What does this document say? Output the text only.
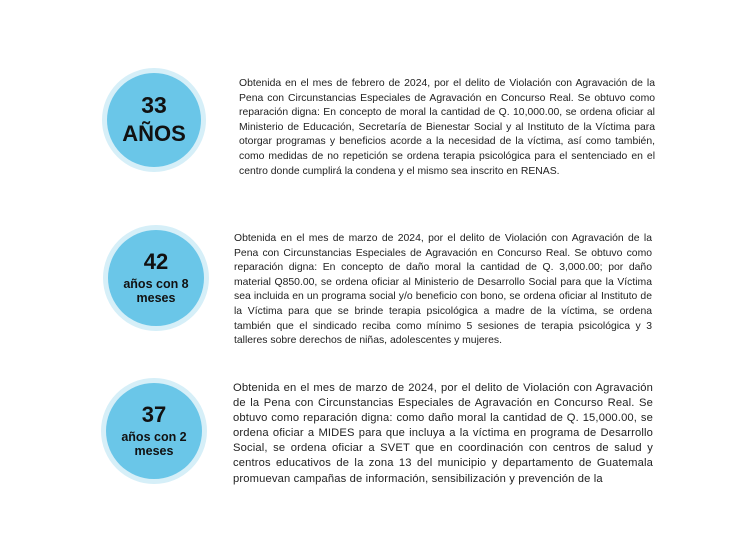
33
AÑOS

Obtenida en el mes de febrero de 2024, por el delito de Violación con Agravación de la Pena con Circunstancias Especiales de Agravación en Concurso Real. Se obtuvo como reparación digna: En concepto de moral la cantidad de Q. 10,000.00, se ordena oficiar al Ministerio de Educación, Secretaría de Bienestar Social y al Instituto de la Víctima para otorgar programas y beneficios acorde a la necesidad de la víctima, así como también, como medidas de no repetición se ordena terapia psicológica para el sentenciado en el centro donde cumplirá la condena y el mismo sea inscrito en RENAS.

42
años con 8 meses

Obtenida en el mes de marzo de 2024, por el delito de Violación con Agravación de la Pena con Circunstancias Especiales de Agravación en Concurso Real. Se obtuvo como reparación digna: En concepto de daño moral la cantidad de Q. 3,000.00; por daño material Q850.00, se ordena oficiar al Ministerio de Desarrollo Social para que la Víctima sea incluida en un programa social y/o beneficio con bono, se ordena oficiar al Instituto de la Víctima para que se brinde terapia psicológica a madre de la víctima, se ordena también que el sindicado reciba como mínimo 5 sesiones de terapia psicológica y 3 talleres sobre derechos de niñas, adolescentes y mujeres.

37
años con 2 meses

Obtenida en el mes de marzo de 2024, por el delito de Violación con Agravación de la Pena con Circunstancias Especiales de Agravación en Concurso Real. Se obtuvo como reparación digna: como daño moral la cantidad de Q. 15,000.00, se ordena oficiar a MIDES para que incluya a la víctima en programa de Desarrollo Social, se ordena oficiar a SVET que en coordinación con centros de salud y centros educativos de la zona 13 del municipio y departamento de Guatemala promuevan campañas de información, sensibilización y prevención de la
